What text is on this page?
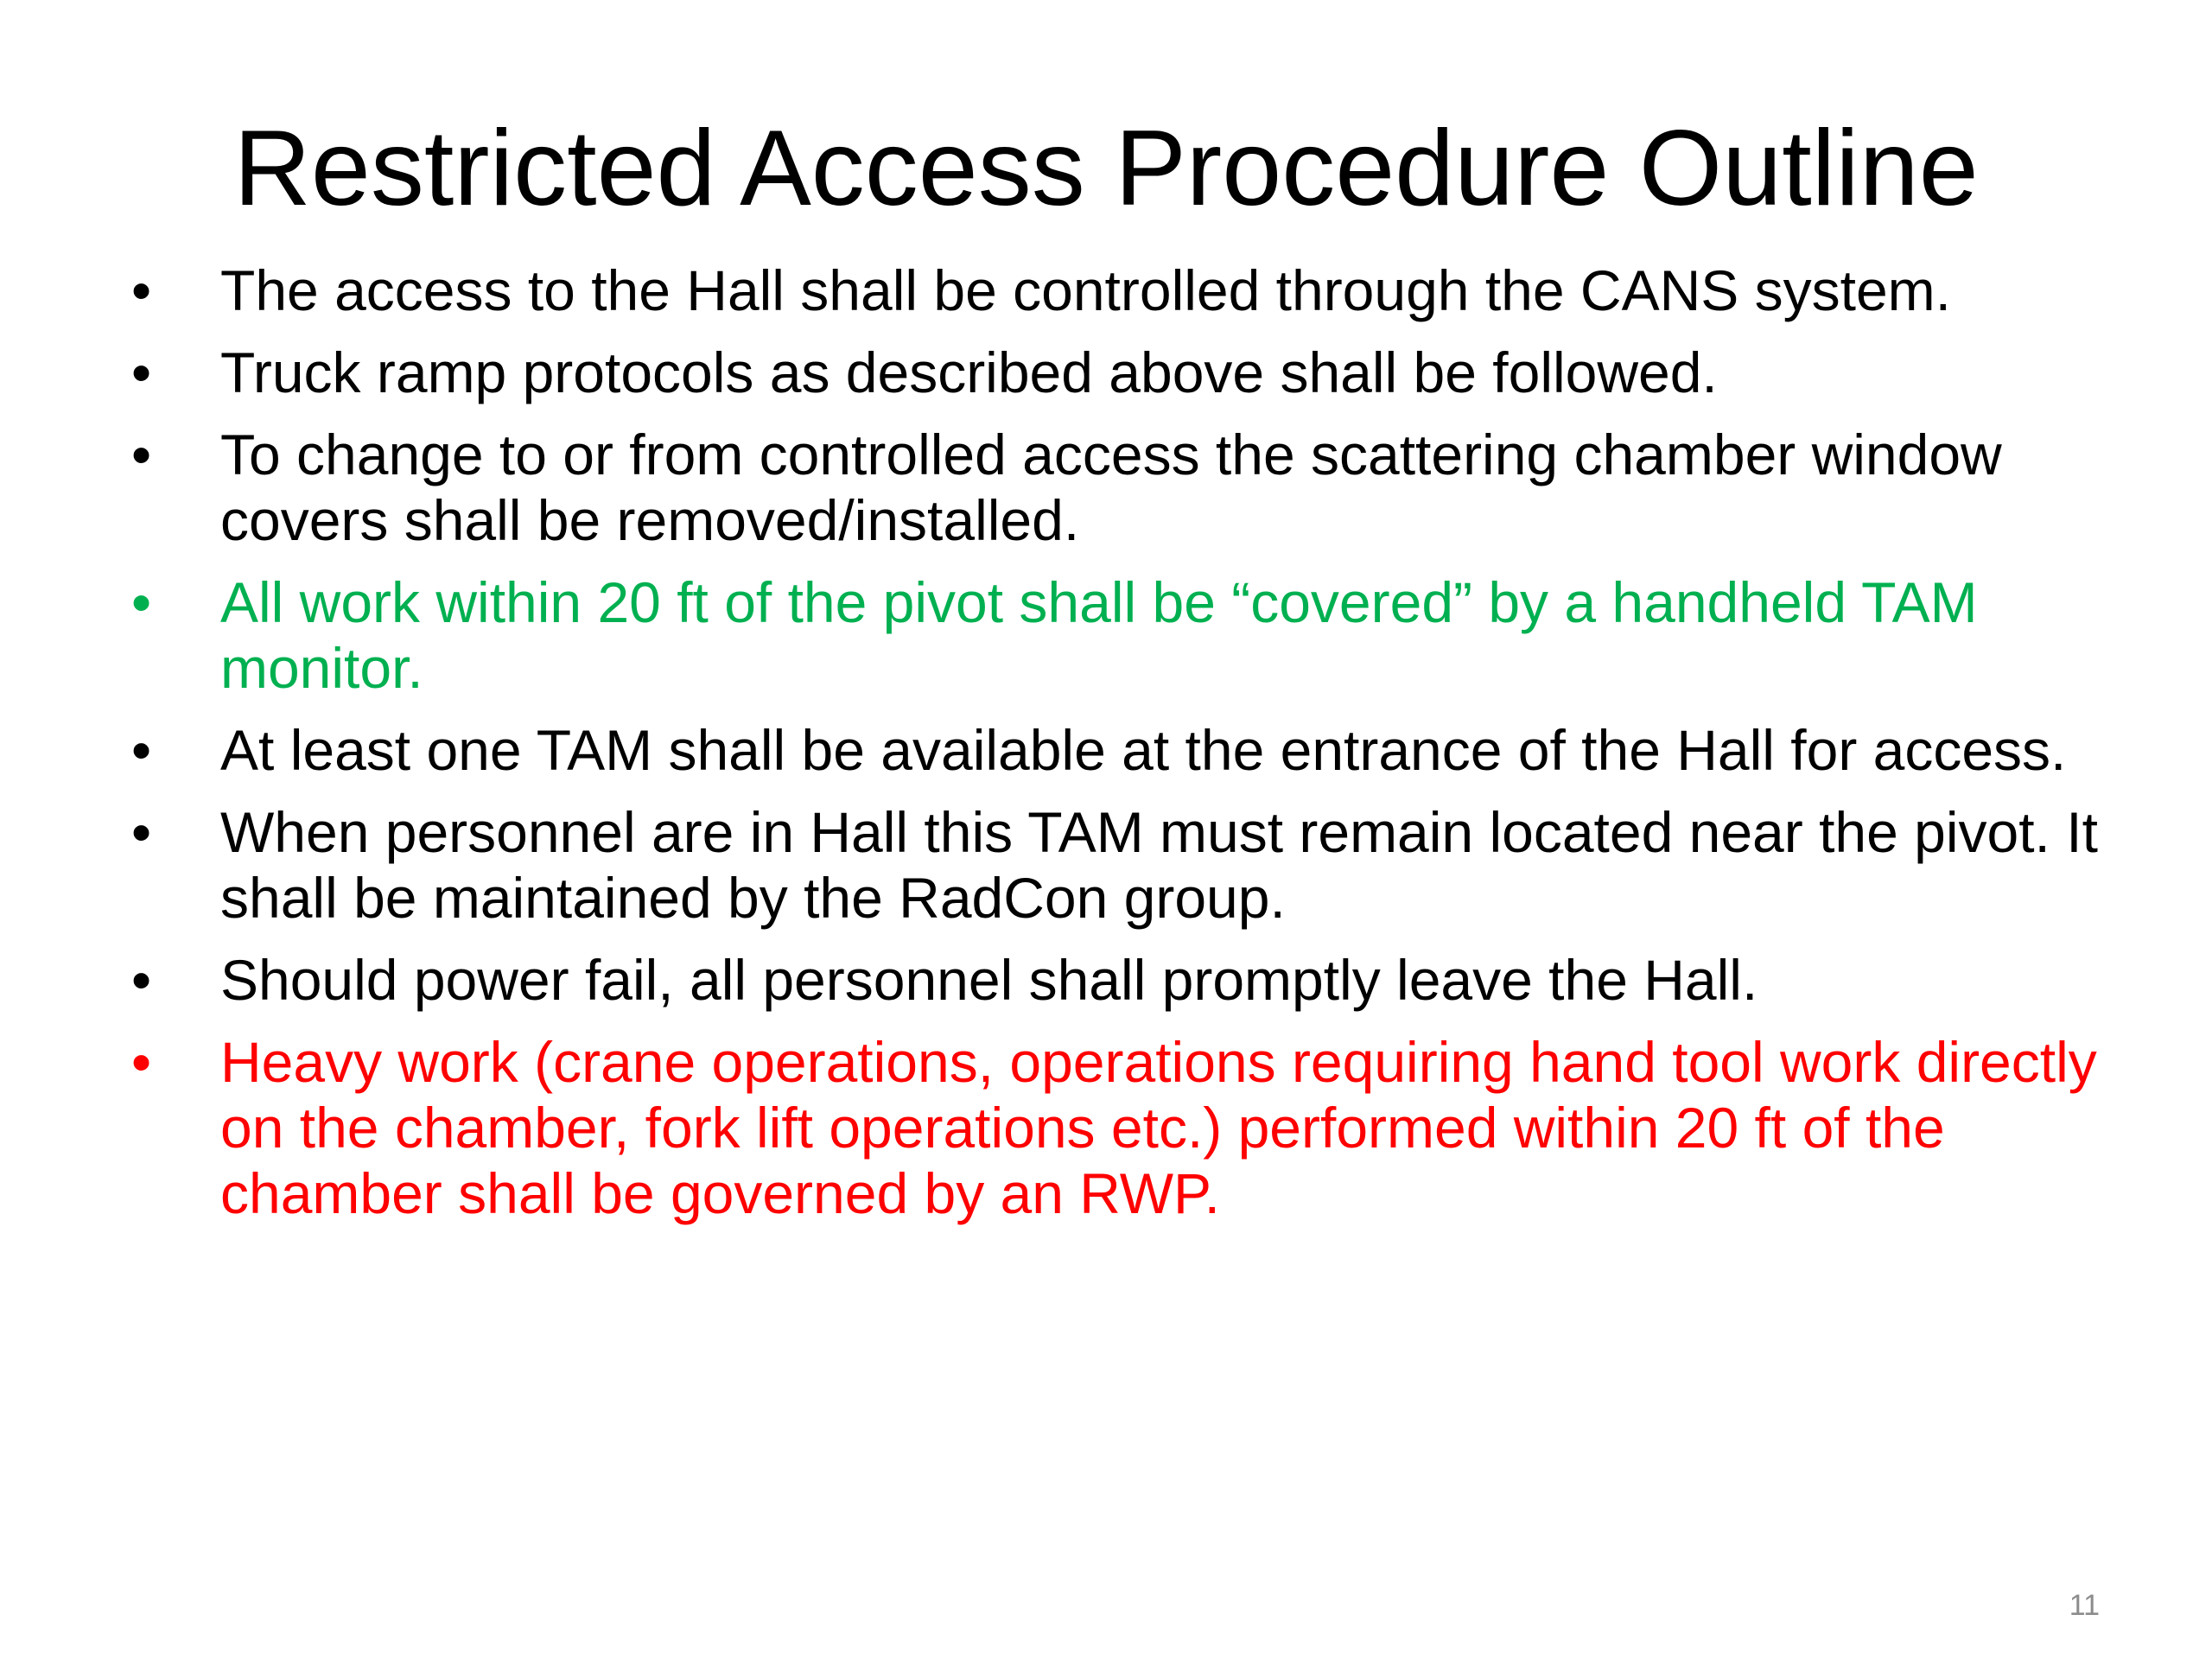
Restricted Access Procedure Outline
•	The access to the Hall shall be controlled through the CANS system.
•	Truck ramp protocols as described above shall be followed.
•	To change to or from controlled access the scattering chamber window covers shall be removed/installed.
•	All work within 20 ft of the pivot shall be “covered” by a handheld TAM monitor.
•	At least one TAM shall be available at the entrance of the Hall for access.
•	When personnel are in Hall this TAM must remain located near the pivot. It shall be maintained by the RadCon group.
•	Should power fail, all personnel shall promptly leave the Hall.
•	Heavy work (crane operations, operations requiring hand tool work directly on the chamber, fork lift operations etc.) performed within 20 ft of the chamber shall be governed by an RWP.
11
